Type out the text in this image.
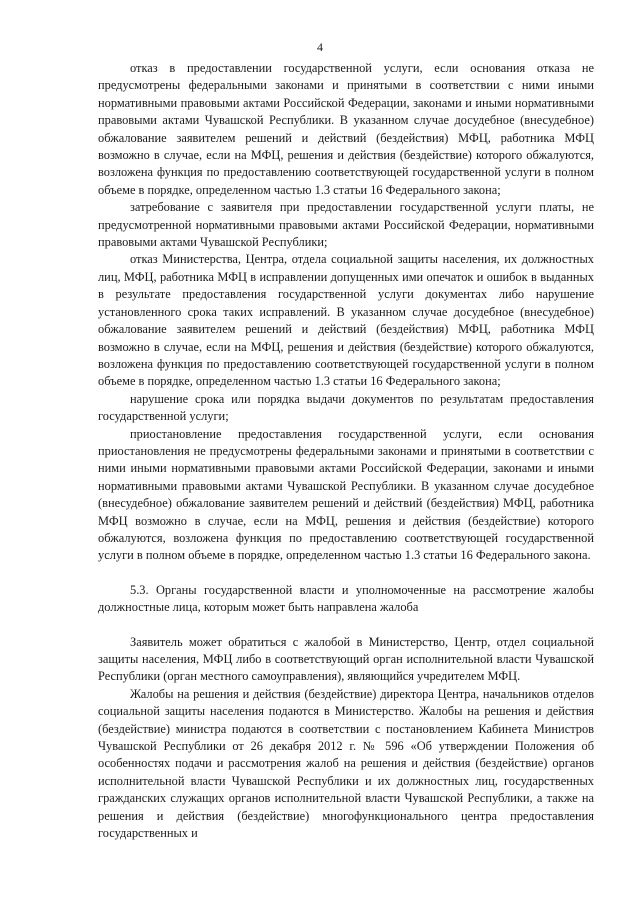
4

отказ в предоставлении государственной услуги, если основания отказа не предусмотрены федеральными законами и принятыми в соответствии с ними иными нормативными правовыми актами Российской Федерации, законами и иными нормативными правовыми актами Чувашской Республики. В указанном случае досудебное (внесудебное) обжалование заявителем решений и действий (бездействия) МФЦ, работника МФЦ возможно в случае, если на МФЦ, решения и действия (бездействие) которого обжалуются, возложена функция по предоставлению соответствующей государственной услуги в полном объеме в порядке, определенном частью 1.3 статьи 16 Федерального закона;

затребование с заявителя при предоставлении государственной услуги платы, не предусмотренной нормативными правовыми актами Российской Федерации, нормативными правовыми актами Чувашской Республики;

отказ Министерства, Центра, отдела социальной защиты населения, их должностных лиц, МФЦ, работника МФЦ в исправлении допущенных ими опечаток и ошибок в выданных в результате предоставления государственной услуги документах либо нарушение установленного срока таких исправлений. В указанном случае досудебное (внесудебное) обжалование заявителем решений и действий (бездействия) МФЦ, работника МФЦ возможно в случае, если на МФЦ, решения и действия (бездействие) которого обжалуются, возложена функция по предоставлению соответствующей государственной услуги в полном объеме в порядке, определенном частью 1.3 статьи 16 Федерального закона;

нарушение срока или порядка выдачи документов по результатам предоставления государственной услуги;

приостановление предоставления государственной услуги, если основания приостановления не предусмотрены федеральными законами и принятыми в соответствии с ними иными нормативными правовыми актами Российской Федерации, законами и иными нормативными правовыми актами Чувашской Республики. В указанном случае досудебное (внесудебное) обжалование заявителем решений и действий (бездействия) МФЦ, работника МФЦ возможно в случае, если на МФЦ, решения и действия (бездействие) которого обжалуются, возложена функция по предоставлению соответствующей государственной услуги в полном объеме в порядке, определенном частью 1.3 статьи 16 Федерального закона.

5.3. Органы государственной власти и уполномоченные на рассмотрение жалобы должностные лица, которым может быть направлена жалоба

Заявитель может обратиться с жалобой в Министерство, Центр, отдел социальной защиты населения, МФЦ либо в соответствующий орган исполнительной власти Чувашской Республики (орган местного самоуправления), являющийся учредителем МФЦ.

Жалобы на решения и действия (бездействие) директора Центра, начальников отделов социальной защиты населения подаются в Министерство. Жалобы на решения и действия (бездействие) министра подаются в соответствии с постановлением Кабинета Министров Чувашской Республики от 26 декабря 2012 г. № 596 «Об утверждении Положения об особенностях подачи и рассмотрения жалоб на решения и действия (бездействие) органов исполнительной власти Чувашской Республики и их должностных лиц, государственных гражданских служащих органов исполнительной власти Чувашской Республики, а также на решения и действия (бездействие) многофункционального центра предоставления государственных и
